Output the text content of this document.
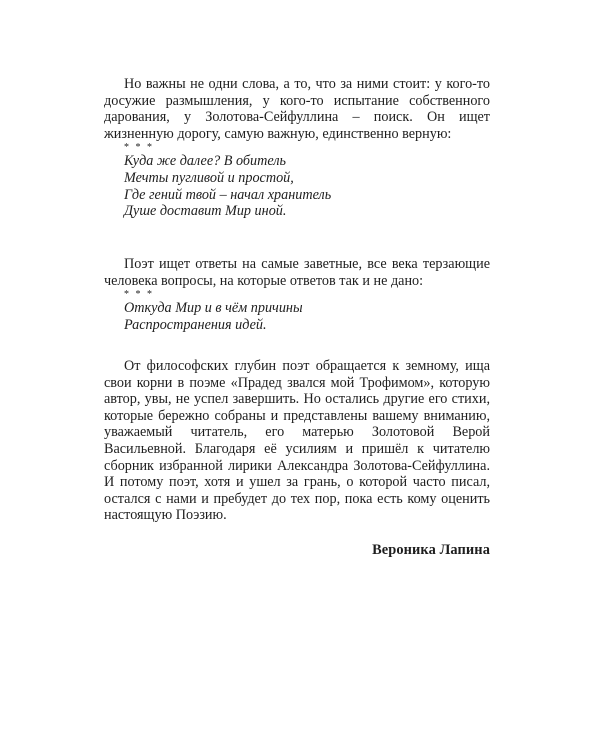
Но важны не одни слова, а то, что за ними стоит: у кого-то досужие размышления, у кого-то испытание собственного дарования, у Золотова-Сейфуллина – поиск. Он ищет жизненную дорогу, самую важную, единственно верную:
* * *
Куда же далее? В обитель
Мечты пугливой и простой,
Где гений твой – начал хранитель
Душе доставит Мир иной.
Поэт ищет ответы на самые заветные, все века терзающие человека вопросы, на которые ответов так и не дано:
* * *
Откуда Мир и в чём причины
Распространения идей.
От философских глубин поэт обращается к земному, ища свои корни в поэме «Прадед звался мой Трофимом», которую автор, увы, не успел завершить. Но остались другие его стихи, которые бережно собраны и представлены вашему вниманию, уважаемый читатель, его матерью Золотовой Верой Васильевной. Благодаря её усилиям и пришёл к читателю сборник избранной лирики Александра Золотова-Сейфуллина. И потому поэт, хотя и ушел за грань, о которой часто писал, остался с нами и пребудет до тех пор, пока есть кому оценить настоящую Поэзию.
Вероника Лапина
